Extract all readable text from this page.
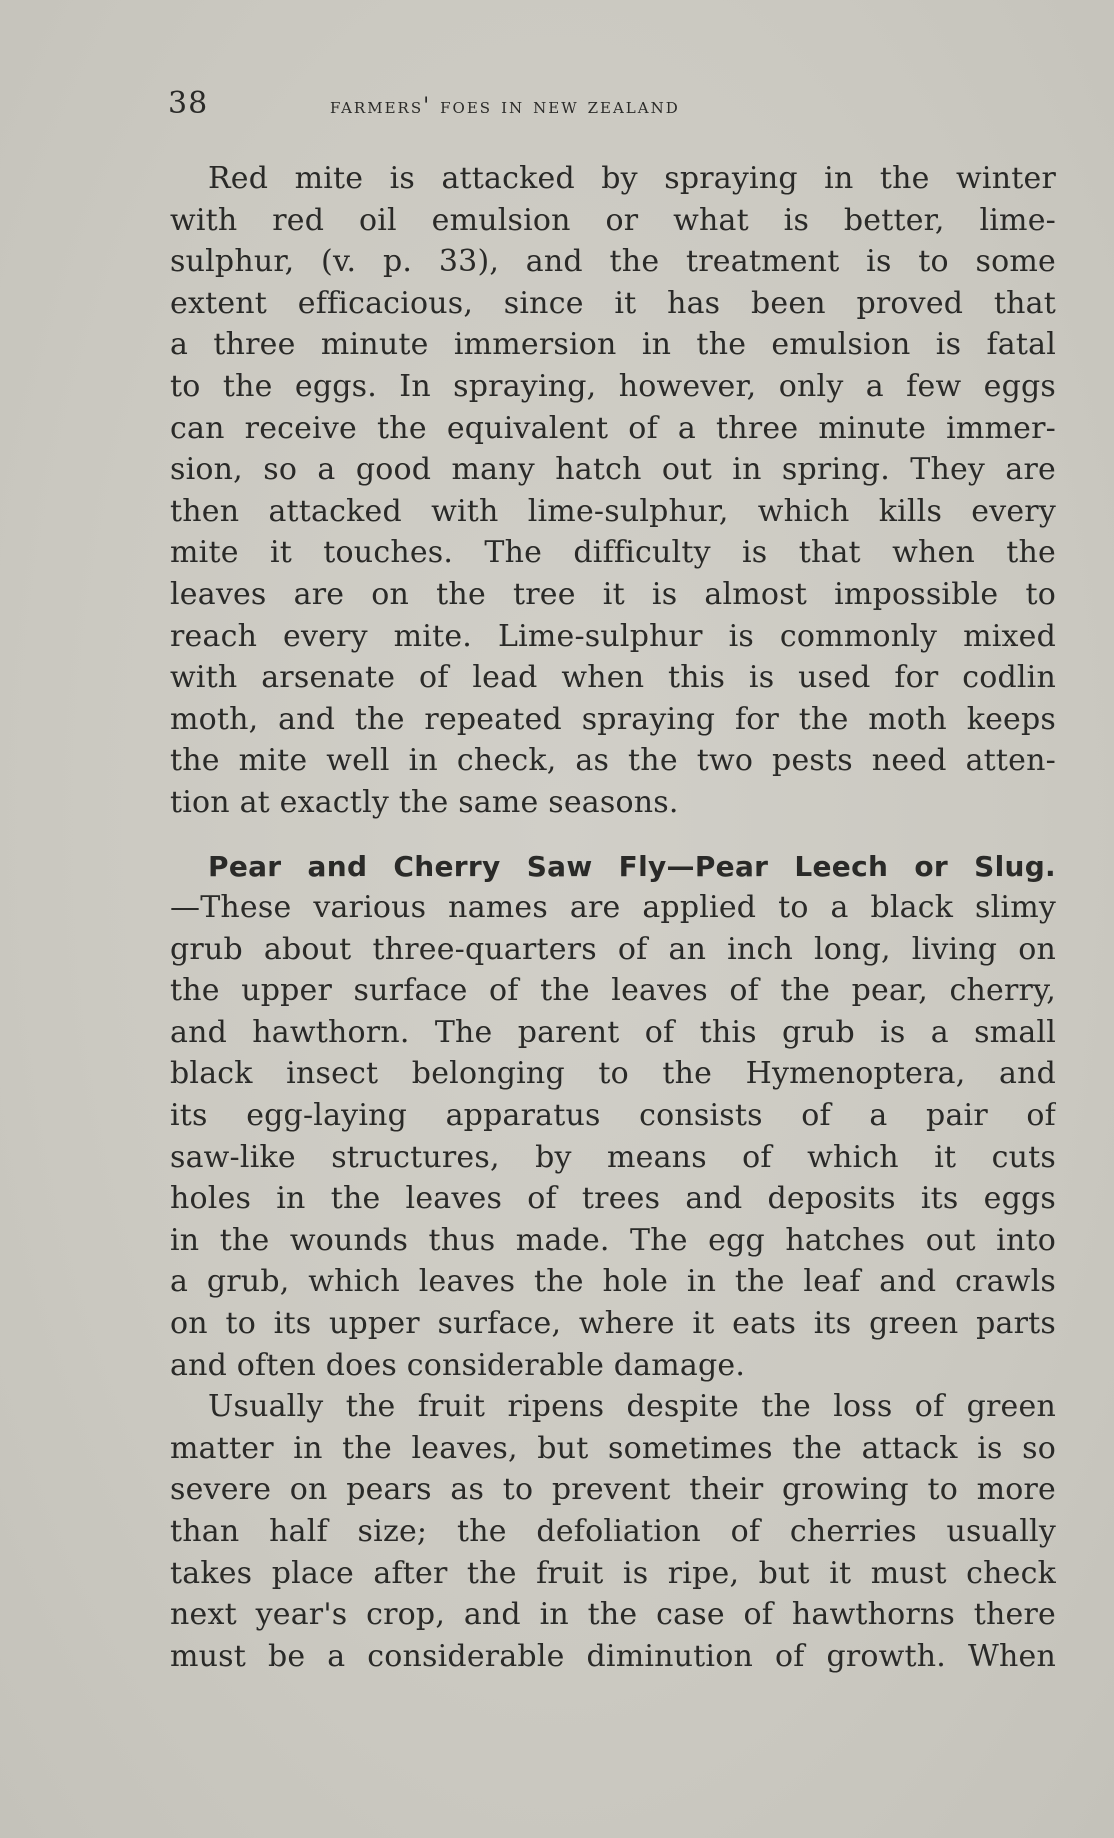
38	farmers' foes in new zealand
Red mite is attacked by spraying in the winter
with red oil emulsion or what is better, lime-
sulphur, (v. p. 33), and the treatment is to some
extent efficacious, since it has been proved that
a three minute immersion in the emulsion is fatal
to the eggs. In spraying, however, only a few eggs
can receive the equivalent of a three minute immer-
sion, so a good many hatch out in spring. They are
then attacked with lime-sulphur, which kills every
mite it touches. The difficulty is that when the
leaves are on the tree it is almost impossible to
reach every mite. Lime-sulphur is commonly mixed
with arsenate of lead when this is used for codlin
moth, and the repeated spraying for the moth keeps
the mite well in check, as the two pests need atten-
tion at exactly the same seasons.
Pear and Cherry Saw Fly—Pear Leech or Slug.
—These various names are applied to a black slimy
grub about three-quarters of an inch long, living on
the upper surface of the leaves of the pear, cherry,
and hawthorn. The parent of this grub is a small
black insect belonging to the Hymenoptera, and
its egg-laying apparatus consists of a pair of
saw-like structures, by means of which it cuts
holes in the leaves of trees and deposits its eggs
in the wounds thus made. The egg hatches out into
a grub, which leaves the hole in the leaf and crawls
on to its upper surface, where it eats its green parts
and often does considerable damage.
Usually the fruit ripens despite the loss of green
matter in the leaves, but sometimes the attack is so
severe on pears as to prevent their growing to more
than half size; the defoliation of cherries usually
takes place after the fruit is ripe, but it must check
next year's crop, and in the case of hawthorns there
must be a considerable diminution of growth. When
